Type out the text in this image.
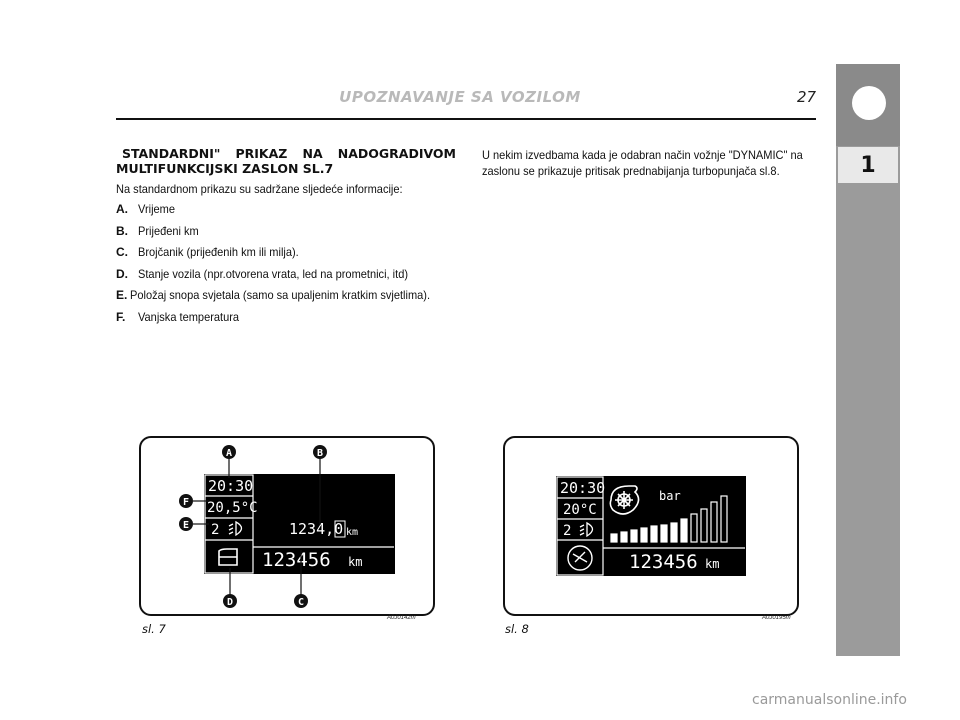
UPOZNAVANJE SA VOZILOM	27
1
STANDARDNI" PRIKAZ NA NADOGRADIVOM
MULTIFUNKCIJSKI ZASLON SL.7
Na standardnom prikazu su sadržane sljedeće informacije:
A. Vrijeme
B. Prijeđeni km
C. Brojčanik (prijeđenih km ili milja).
D. Stanje vozila (npr.otvorena vrata, led na prometnici, itd)
E. Položaj snopa svjetala (samo sa upaljenim kratkim svjetlima).
F.	Vanjska temperatura
U nekim izvedbama kada je odabran način vožnje "DYNAMIC" na zaslonu se prikazuje pritisak prednabijanja turbopunjača sl.8.
20:30
20,5°C
2	1234,0 km
123456 km
A	B
C
D
E
F
A0J0142m
sl. 7
20:30
20°C
2
bar
123456 km
A0J0195m
sl. 8
carmanualsonline.info
